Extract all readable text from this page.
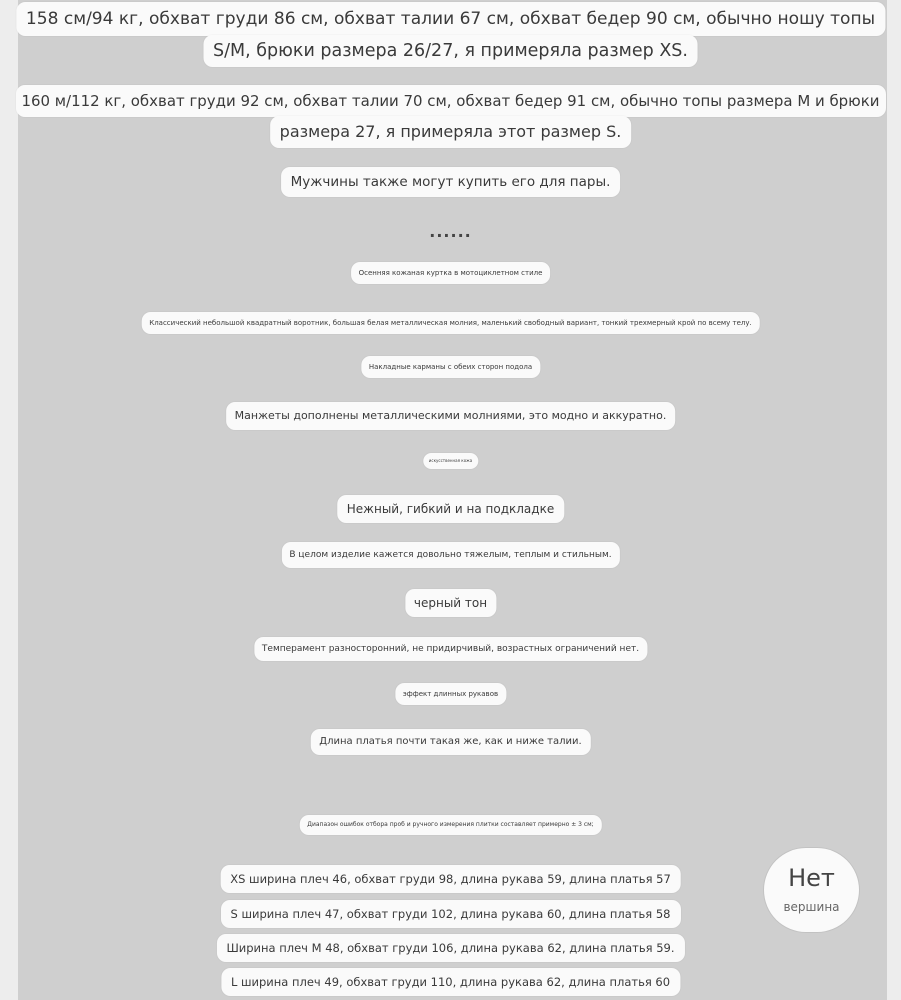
158 см/94 кг, обхват груди 86 см, обхват талии 67 см, обхват бедер 90 см, обычно ношу топы
S/M, брюки размера 26/27, я примеряла размер XS.
160 м/112 кг, обхват груди 92 см, обхват талии 70 см, обхват бедер 91 см, обычно топы размера M и брюки
размера 27, я примеряла этот размер S.
Мужчины также могут купить его для пары.
......
Осенняя кожаная куртка в мотоциклетном стиле
Классический небольшой квадратный воротник, большая белая металлическая молния, маленький свободный вариант, тонкий трехмерный крой по всему телу.
Накладные карманы с обеих сторон подола
Манжеты дополнены металлическими молниями, это модно и аккуратно.
искусственная кожа
Нежный, гибкий и на подкладке
В целом изделие кажется довольно тяжелым, теплым и стильным.
черный тон
Темперамент разносторонний, не придирчивый, возрастных ограничений нет.
эффект длинных рукавов
Длина платья почти такая же, как и ниже талии.
Диапазон ошибок отбора проб и ручного измерения плитки составляет примерно ± 3 см;
XS ширина плеч 46, обхват груди 98, длина рукава 59, длина платья 57
S ширина плеч 47, обхват груди 102, длина рукава 60, длина платья 58
Ширина плеч M 48, обхват груди 106, длина рукава 62, длина платья 59.
L ширина плеч 49, обхват груди 110, длина рукава 62, длина платья 60
Нет
вершина
